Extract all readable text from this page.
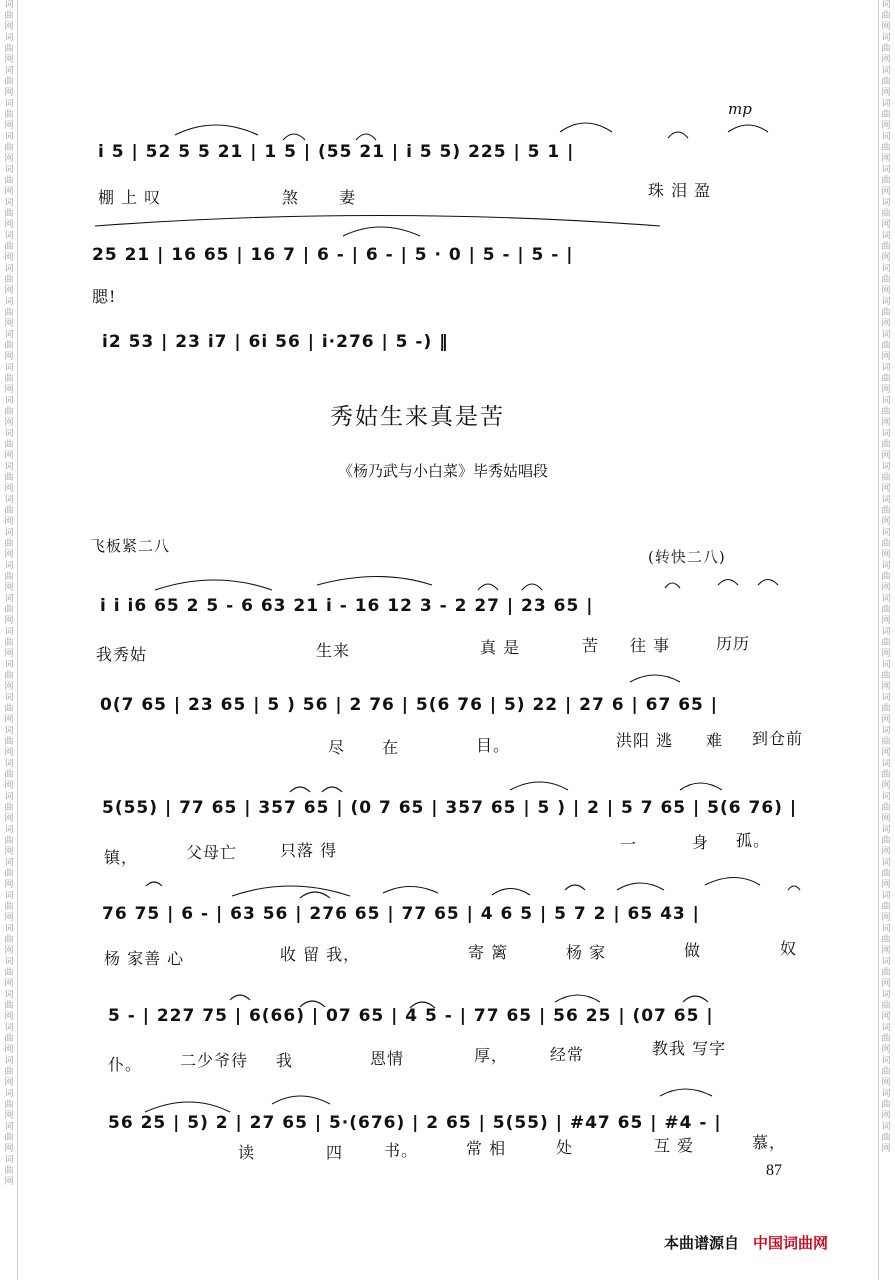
词曲网词曲网词曲网词曲网词曲网词曲网词曲网词曲网词曲网词曲网词曲网词曲网词曲网词曲网词曲网词曲网词曲网词曲网词曲网词曲网词曲网词曲网词曲网词曲网词曲网词曲网词曲网词曲网词曲网词曲网词曲网词曲网词曲网词曲网词曲网词曲网
词曲网词曲网词曲网词曲网词曲网词曲网词曲网词曲网词曲网词曲网词曲网词曲网词曲网词曲网词曲网词曲网词曲网词曲网词曲网词曲网词曲网词曲网词曲网词曲网词曲网词曲网词曲网词曲网词曲网词曲网词曲网词曲网词曲网词曲网词曲网
mp
i 5 | 52 5 5 21 | 1 5 | (55 21 | i 5 5) 225 | 5 1 |
棚 上 叹	煞 妻	珠 泪 盈
25 21 | 16 65 | 16 7 | 6 - | 6 - | 5 · 0 | 5 - | 5 - |
腮!
i2 53 | 23 i7 | 6i 56 | i·276 | 5 -) ‖
秀姑生来真是苦
《杨乃武与小白菜》毕秀姑唱段
飞板紧二八
(转快二八)
i i i6 65 2 5 - 6 63 21 i - 16 12 3 - 2 27 | 23 65 |
我秀姑	生来	真 是	苦 往 事	历历
0(7 65 | 23 65 | 5 ) 56 | 2 76 | 5(6 76 | 5) 22 | 27 6 | 67 65 |
尽 在	目。	洪阳 逃 难 到仓前
5(55) | 77 65 | 357 65 | (0 7 65 | 357 65 | 5 ) | 2 | 5 7 65 | 5(6 76) |
镇，	父母亡	只落 得	一	身 孤。
76 75 | 6 - | 63 56 | 276 65 | 77 65 | 4 6 5 | 5 7 2 | 65 43 |
杨 家善 心	收 留 我，	寄 篱	杨 家	做	奴
5 - | 227 75 | 6(66) | 07 65 | 4 5 - | 77 65 | 56 25 | (07 65 |
仆。 二少爷待 我	恩情	厚，	经常	教我 写字
56 25 | 5) 2 | 27 65 | 5·(676) | 2 65 | 5(55) | #47 65 | #4 - |
读	四	书。	常 相	处	互 爱	慕，
87
本曲谱源自 中国词曲网
